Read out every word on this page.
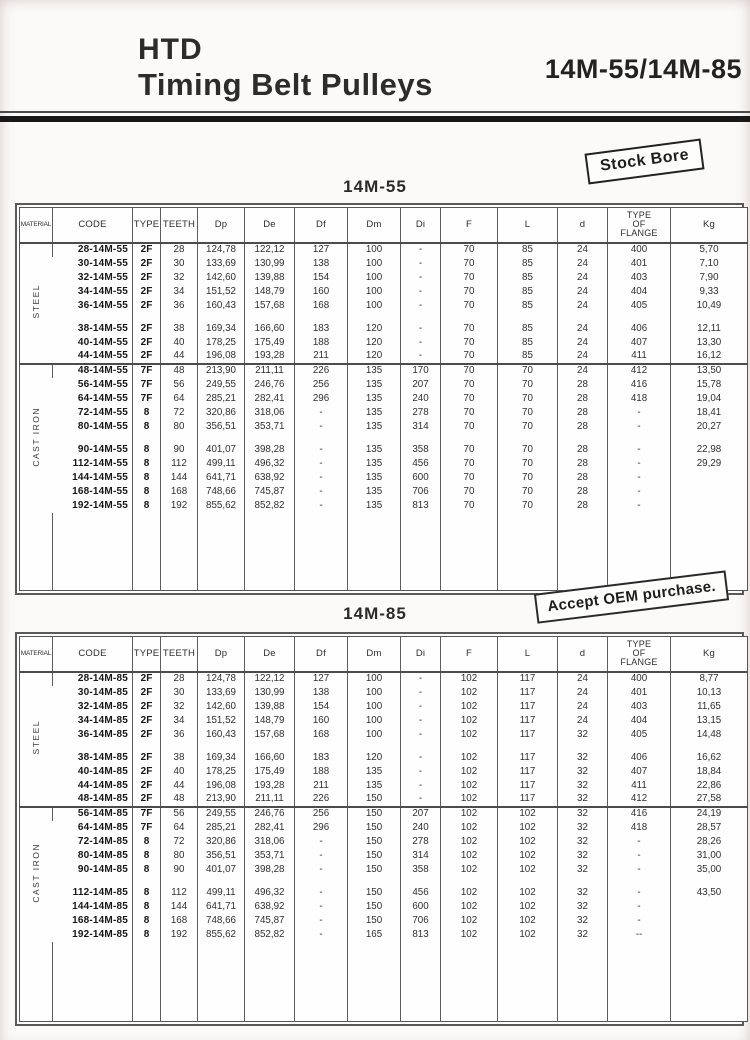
HTD
Timing Belt Pulleys	14M-55/14M-85
Stock Bore
Accept OEM purchase.
14M-55
MATERIAL	CODE	TYPE	TEETH	Dp	De	Df	Dm	Di	F	L	d	TYPE
OF
FLANGE	Kg
STEEL	28-14M-55	2F	28	124,78	122,12	127	100	-	70	85	24	400	5,70
	30-14M-55	2F	30	133,69	130,99	138	100	-	70	85	24	401	7,10
	32-14M-55	2F	32	142,60	139,88	154	100	-	70	85	24	403	7,90
	34-14M-55	2F	34	151,52	148,79	160	100	-	70	85	24	404	9,33
	36-14M-55	2F	36	160,43	157,68	168	100	-	70	85	24	405	10,49

	38-14M-55	2F	38	169,34	166,60	183	120	-	70	85	24	406	12,11
	40-14M-55	2F	40	178,25	175,49	188	120	-	70	85	24	407	13,30
	44-14M-55	2F	44	196,08	193,28	211	120	-	70	85	24	411	16,12
CAST IRON	48-14M-55	7F	48	213,90	211,11	226	135	170	70	70	24	412	13,50
	56-14M-55	7F	56	249,55	246,76	256	135	207	70	70	28	416	15,78
	64-14M-55	7F	64	285,21	282,41	296	135	240	70	70	28	418	19,04
	72-14M-55	8	72	320,86	318,06	-	135	278	70	70	28	-	18,41
	80-14M-55	8	80	356,51	353,71	-	135	314	70	70	28	-	20,27

	90-14M-55	8	90	401,07	398,28	-	135	358	70	70	28	-	22,98
	112-14M-55	8	112	499,11	496,32	-	135	456	70	70	28	-	29,29
	144-14M-55	8	144	641,71	638,92	-	135	600	70	70	28	-	
	168-14M-55	8	168	748,66	745,87	-	135	706	70	70	28	-	
	192-14M-55	8	192	855,62	852,82	-	135	813	70	70	28	-	

14M-85
MATERIAL	CODE	TYPE	TEETH	Dp	De	Df	Dm	Di	F	L	d	TYPE
OF
FLANGE	Kg
STEEL	28-14M-85	2F	28	124,78	122,12	127	100	-	102	117	24	400	8,77
	30-14M-85	2F	30	133,69	130,99	138	100	-	102	117	24	401	10,13
	32-14M-85	2F	32	142,60	139,88	154	100	-	102	117	24	403	11,65
	34-14M-85	2F	34	151,52	148,79	160	100	-	102	117	24	404	13,15
	36-14M-85	2F	36	160,43	157,68	168	100	-	102	117	32	405	14,48

	38-14M-85	2F	38	169,34	166,60	183	120	-	102	117	32	406	16,62
	40-14M-85	2F	40	178,25	175,49	188	135	-	102	117	32	407	18,84
	44-14M-85	2F	44	196,08	193,28	211	135	-	102	117	32	411	22,86
	48-14M-85	2F	48	213,90	211,11	226	150	-	102	117	32	412	27,58
CAST IRON	56-14M-85	7F	56	249,55	246,76	256	150	207	102	102	32	416	24,19
	64-14M-85	7F	64	285,21	282,41	296	150	240	102	102	32	418	28,57
	72-14M-85	8	72	320,86	318,06	-	150	278	102	102	32	-	28,26
	80-14M-85	8	80	356,51	353,71	-	150	314	102	102	32	-	31,00
	90-14M-85	8	90	401,07	398,28	-	150	358	102	102	32	-	35,00

	112-14M-85	8	112	499,11	496,32	-	150	456	102	102	32	-	43,50
	144-14M-85	8	144	641,71	638,92	-	150	600	102	102	32	-	
	168-14M-85	8	168	748,66	745,87	-	150	706	102	102	32	-	
	192-14M-85	8	192	855,62	852,82	-	165	813	102	102	32	--	
